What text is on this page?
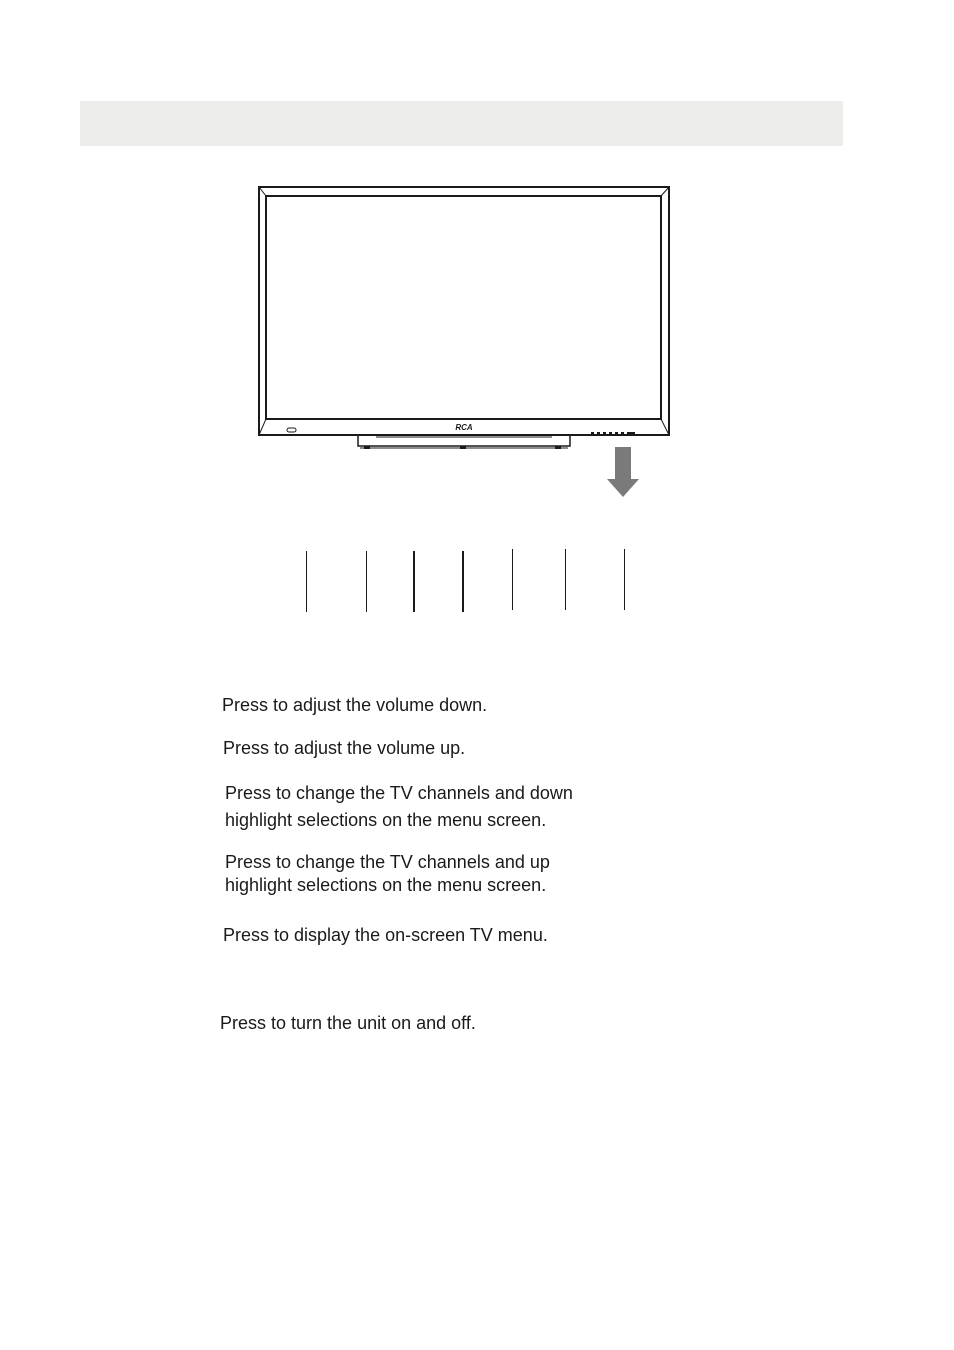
RCA

Press to adjust the volume down.

Press to adjust the volume up.

Press to change the TV channels and down

highlight selections on the menu screen.

Press to change the TV channels and up

highlight selections on the menu screen.

Press to display the on-screen TV menu.

Press to turn the unit on and off.
